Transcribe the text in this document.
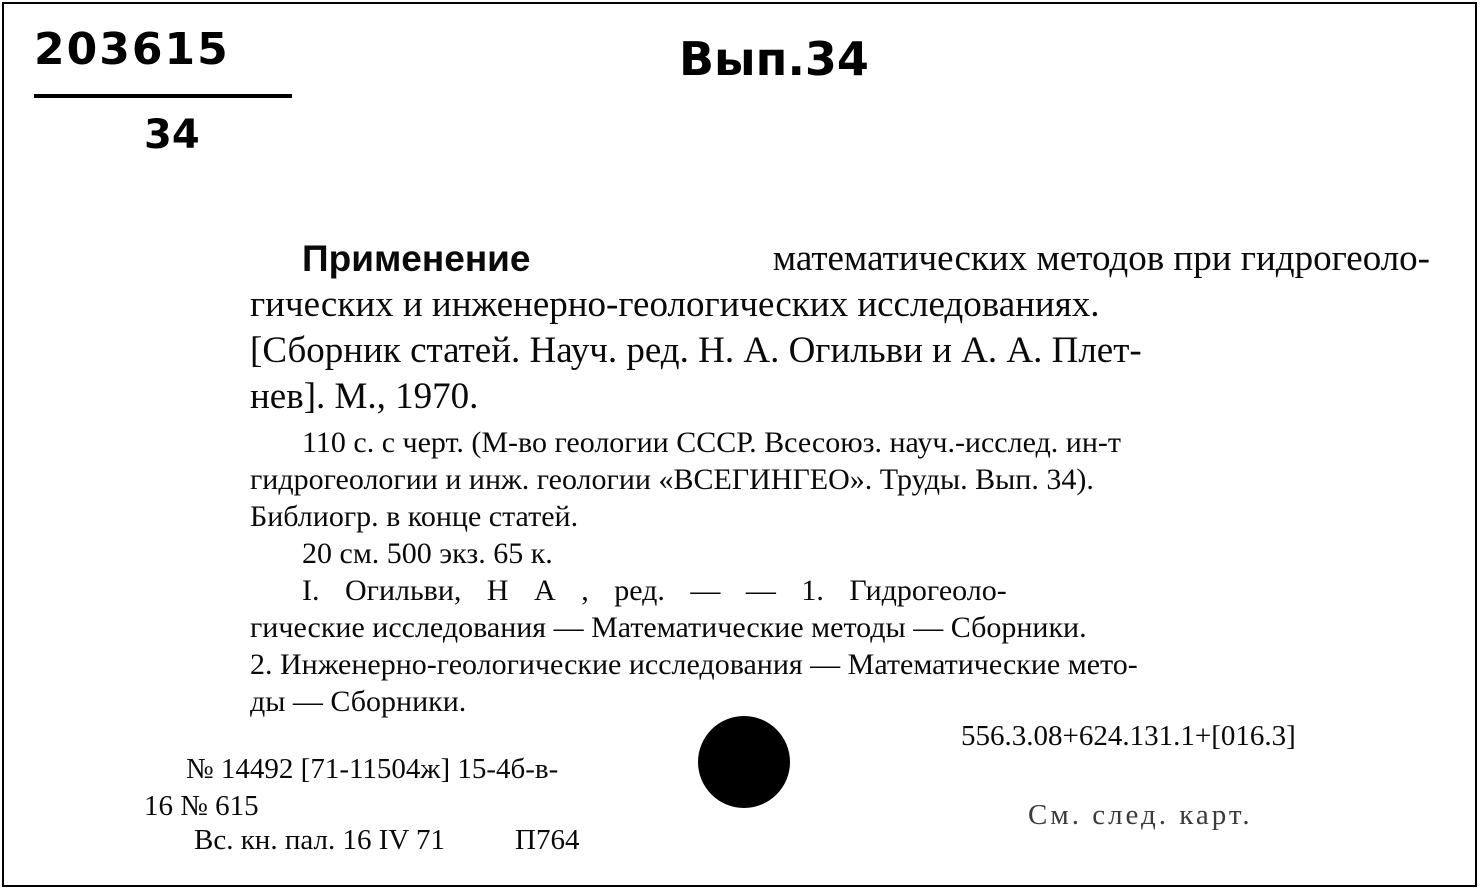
203615
34
Вып.34
Применение	математических методов при гидрогеоло-
гических и инженерно-геологических исследованиях.
[Сборник статей. Науч. ред. Н. А. Огильви и А. А. Плет-
нев]. М., 1970.
110 с. с черт. (М-во геологии СССР. Всесоюз. науч.-исслед. ин-т
гидрогеологии и инж. геологии «ВСЕГИНГЕО». Труды. Вып. 34).
Библиогр. в конце статей.
20 см. 500 экз. 65 к.
I. Огильви, Н А , ред. — — 1. Гидрогеоло-
гические исследования — Математические методы — Сборники.
2. Инженерно-геологические исследования — Математические мето-
ды — Сборники.
556.3.08+624.131.1+[016.3]
№ 14492 [71-11504ж] 15-4б-в-
16 № 615
Вс. кн. пал. 16 IV 71 П764
См. след. карт.
